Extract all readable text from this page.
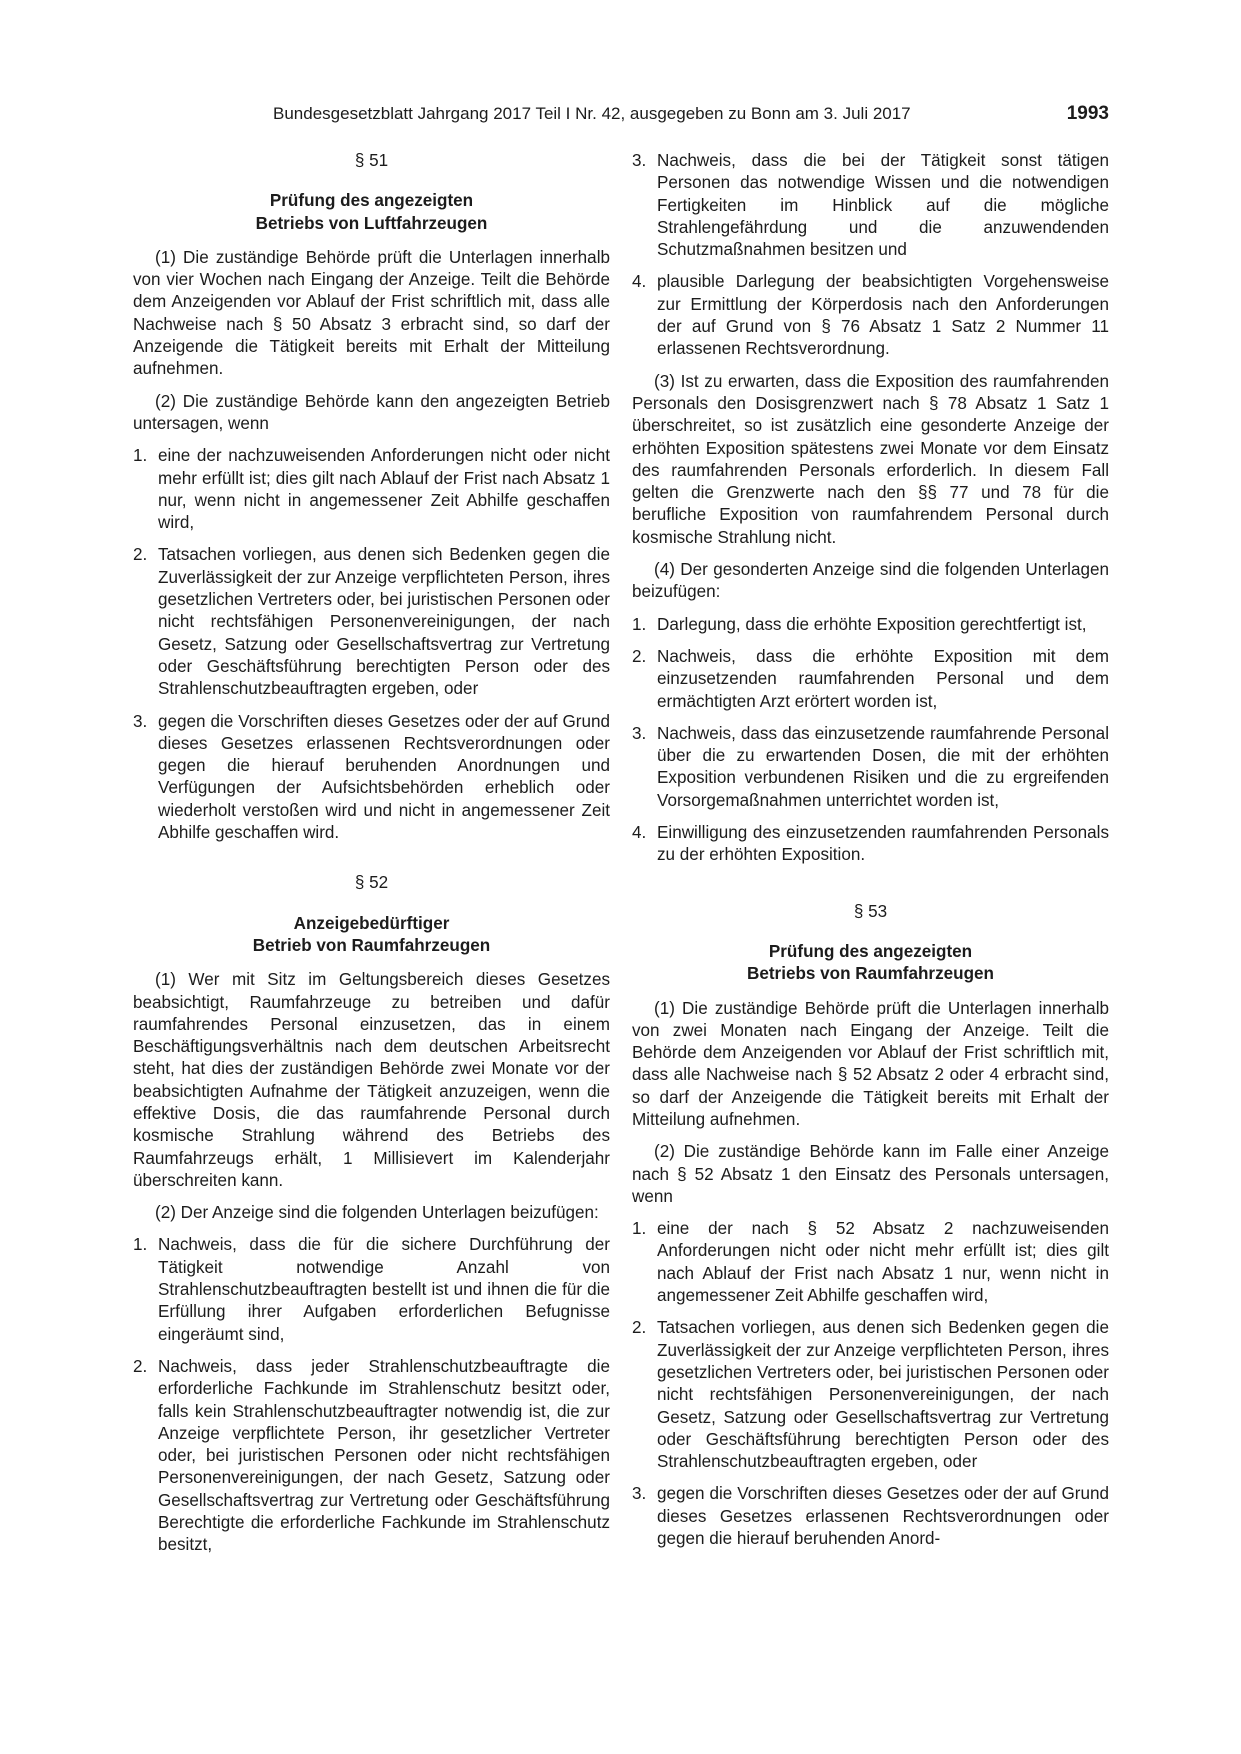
Bundesgesetzblatt Jahrgang 2017 Teil I Nr. 42, ausgegeben zu Bonn am 3. Juli 2017	1993
§ 51
Prüfung des angezeigten
Betriebs von Luftfahrzeugen

(1) Die zuständige Behörde prüft die Unterlagen innerhalb von vier Wochen nach Eingang der Anzeige. Teilt die Behörde dem Anzeigenden vor Ablauf der Frist schriftlich mit, dass alle Nachweise nach § 50 Absatz 3 erbracht sind, so darf der Anzeigende die Tätigkeit bereits mit Erhalt der Mitteilung aufnehmen.

(2) Die zuständige Behörde kann den angezeigten Betrieb untersagen, wenn

1. eine der nachzuweisenden Anforderungen nicht oder nicht mehr erfüllt ist; dies gilt nach Ablauf der Frist nach Absatz 1 nur, wenn nicht in angemessener Zeit Abhilfe geschaffen wird,
2. Tatsachen vorliegen, aus denen sich Bedenken gegen die Zuverlässigkeit der zur Anzeige verpflichteten Person, ihres gesetzlichen Vertreters oder, bei juristischen Personen oder nicht rechtsfähigen Personenvereinigungen, der nach Gesetz, Satzung oder Gesellschaftsvertrag zur Vertretung oder Geschäftsführung berechtigten Person oder des Strahlenschutzbeauftragten ergeben, oder
3. gegen die Vorschriften dieses Gesetzes oder der auf Grund dieses Gesetzes erlassenen Rechtsverordnungen oder gegen die hierauf beruhenden Anordnungen und Verfügungen der Aufsichtsbehörden erheblich oder wiederholt verstoßen wird und nicht in angemessener Zeit Abhilfe geschaffen wird.
§ 52
Anzeigebedürftiger
Betrieb von Raumfahrzeugen

(1) Wer mit Sitz im Geltungsbereich dieses Gesetzes beabsichtigt, Raumfahrzeuge zu betreiben und dafür raumfahrendes Personal einzusetzen, das in einem Beschäftigungsverhältnis nach dem deutschen Arbeitsrecht steht, hat dies der zuständigen Behörde zwei Monate vor der beabsichtigten Aufnahme der Tätigkeit anzuzeigen, wenn die effektive Dosis, die das raumfahrende Personal durch kosmische Strahlung während des Betriebs des Raumfahrzeugs erhält, 1 Millisievert im Kalenderjahr überschreiten kann.

(2) Der Anzeige sind die folgenden Unterlagen beizufügen:

1. Nachweis, dass die für die sichere Durchführung der Tätigkeit notwendige Anzahl von Strahlenschutzbeauftragten bestellt ist und ihnen die für die Erfüllung ihrer Aufgaben erforderlichen Befugnisse eingeräumt sind,
2. Nachweis, dass jeder Strahlenschutzbeauftragte die erforderliche Fachkunde im Strahlenschutz besitzt oder, falls kein Strahlenschutzbeauftragter notwendig ist, die zur Anzeige verpflichtete Person, ihr gesetzlicher Vertreter oder, bei juristischen Personen oder nicht rechtsfähigen Personenvereinigungen, der nach Gesetz, Satzung oder Gesellschaftsvertrag zur Vertretung oder Geschäftsführung Berechtigte die erforderliche Fachkunde im Strahlenschutz besitzt,
3. Nachweis, dass die bei der Tätigkeit sonst tätigen Personen das notwendige Wissen und die notwendigen Fertigkeiten im Hinblick auf die mögliche Strahlengefährdung und die anzuwendenden Schutzmaßnahmen besitzen und
4. plausible Darlegung der beabsichtigten Vorgehensweise zur Ermittlung der Körperdosis nach den Anforderungen der auf Grund von § 76 Absatz 1 Satz 2 Nummer 11 erlassenen Rechtsverordnung.

(3) Ist zu erwarten, dass die Exposition des raumfahrenden Personals den Dosisgrenzwert nach § 78 Absatz 1 Satz 1 überschreitet, so ist zusätzlich eine gesonderte Anzeige der erhöhten Exposition spätestens zwei Monate vor dem Einsatz des raumfahrenden Personals erforderlich. In diesem Fall gelten die Grenzwerte nach den §§ 77 und 78 für die berufliche Exposition von raumfahrendem Personal durch kosmische Strahlung nicht.

(4) Der gesonderten Anzeige sind die folgenden Unterlagen beizufügen:

1. Darlegung, dass die erhöhte Exposition gerechtfertigt ist,
2. Nachweis, dass die erhöhte Exposition mit dem einzusetzenden raumfahrenden Personal und dem ermächtigten Arzt erörtert worden ist,
3. Nachweis, dass das einzusetzende raumfahrende Personal über die zu erwartenden Dosen, die mit der erhöhten Exposition verbundenen Risiken und die zu ergreifenden Vorsorgemaßnahmen unterrichtet worden ist,
4. Einwilligung des einzusetzenden raumfahrenden Personals zu der erhöhten Exposition.
§ 53
Prüfung des angezeigten
Betriebs von Raumfahrzeugen

(1) Die zuständige Behörde prüft die Unterlagen innerhalb von zwei Monaten nach Eingang der Anzeige. Teilt die Behörde dem Anzeigenden vor Ablauf der Frist schriftlich mit, dass alle Nachweise nach § 52 Absatz 2 oder 4 erbracht sind, so darf der Anzeigende die Tätigkeit bereits mit Erhalt der Mitteilung aufnehmen.

(2) Die zuständige Behörde kann im Falle einer Anzeige nach § 52 Absatz 1 den Einsatz des Personals untersagen, wenn

1. eine der nach § 52 Absatz 2 nachzuweisenden Anforderungen nicht oder nicht mehr erfüllt ist; dies gilt nach Ablauf der Frist nach Absatz 1 nur, wenn nicht in angemessener Zeit Abhilfe geschaffen wird,
2. Tatsachen vorliegen, aus denen sich Bedenken gegen die Zuverlässigkeit der zur Anzeige verpflichteten Person, ihres gesetzlichen Vertreters oder, bei juristischen Personen oder nicht rechtsfähigen Personenvereinigungen, der nach Gesetz, Satzung oder Gesellschaftsvertrag zur Vertretung oder Geschäftsführung berechtigten Person oder des Strahlenschutzbeauftragten ergeben, oder
3. gegen die Vorschriften dieses Gesetzes oder der auf Grund dieses Gesetzes erlassenen Rechtsverordnungen oder gegen die hierauf beruhenden Anord-
